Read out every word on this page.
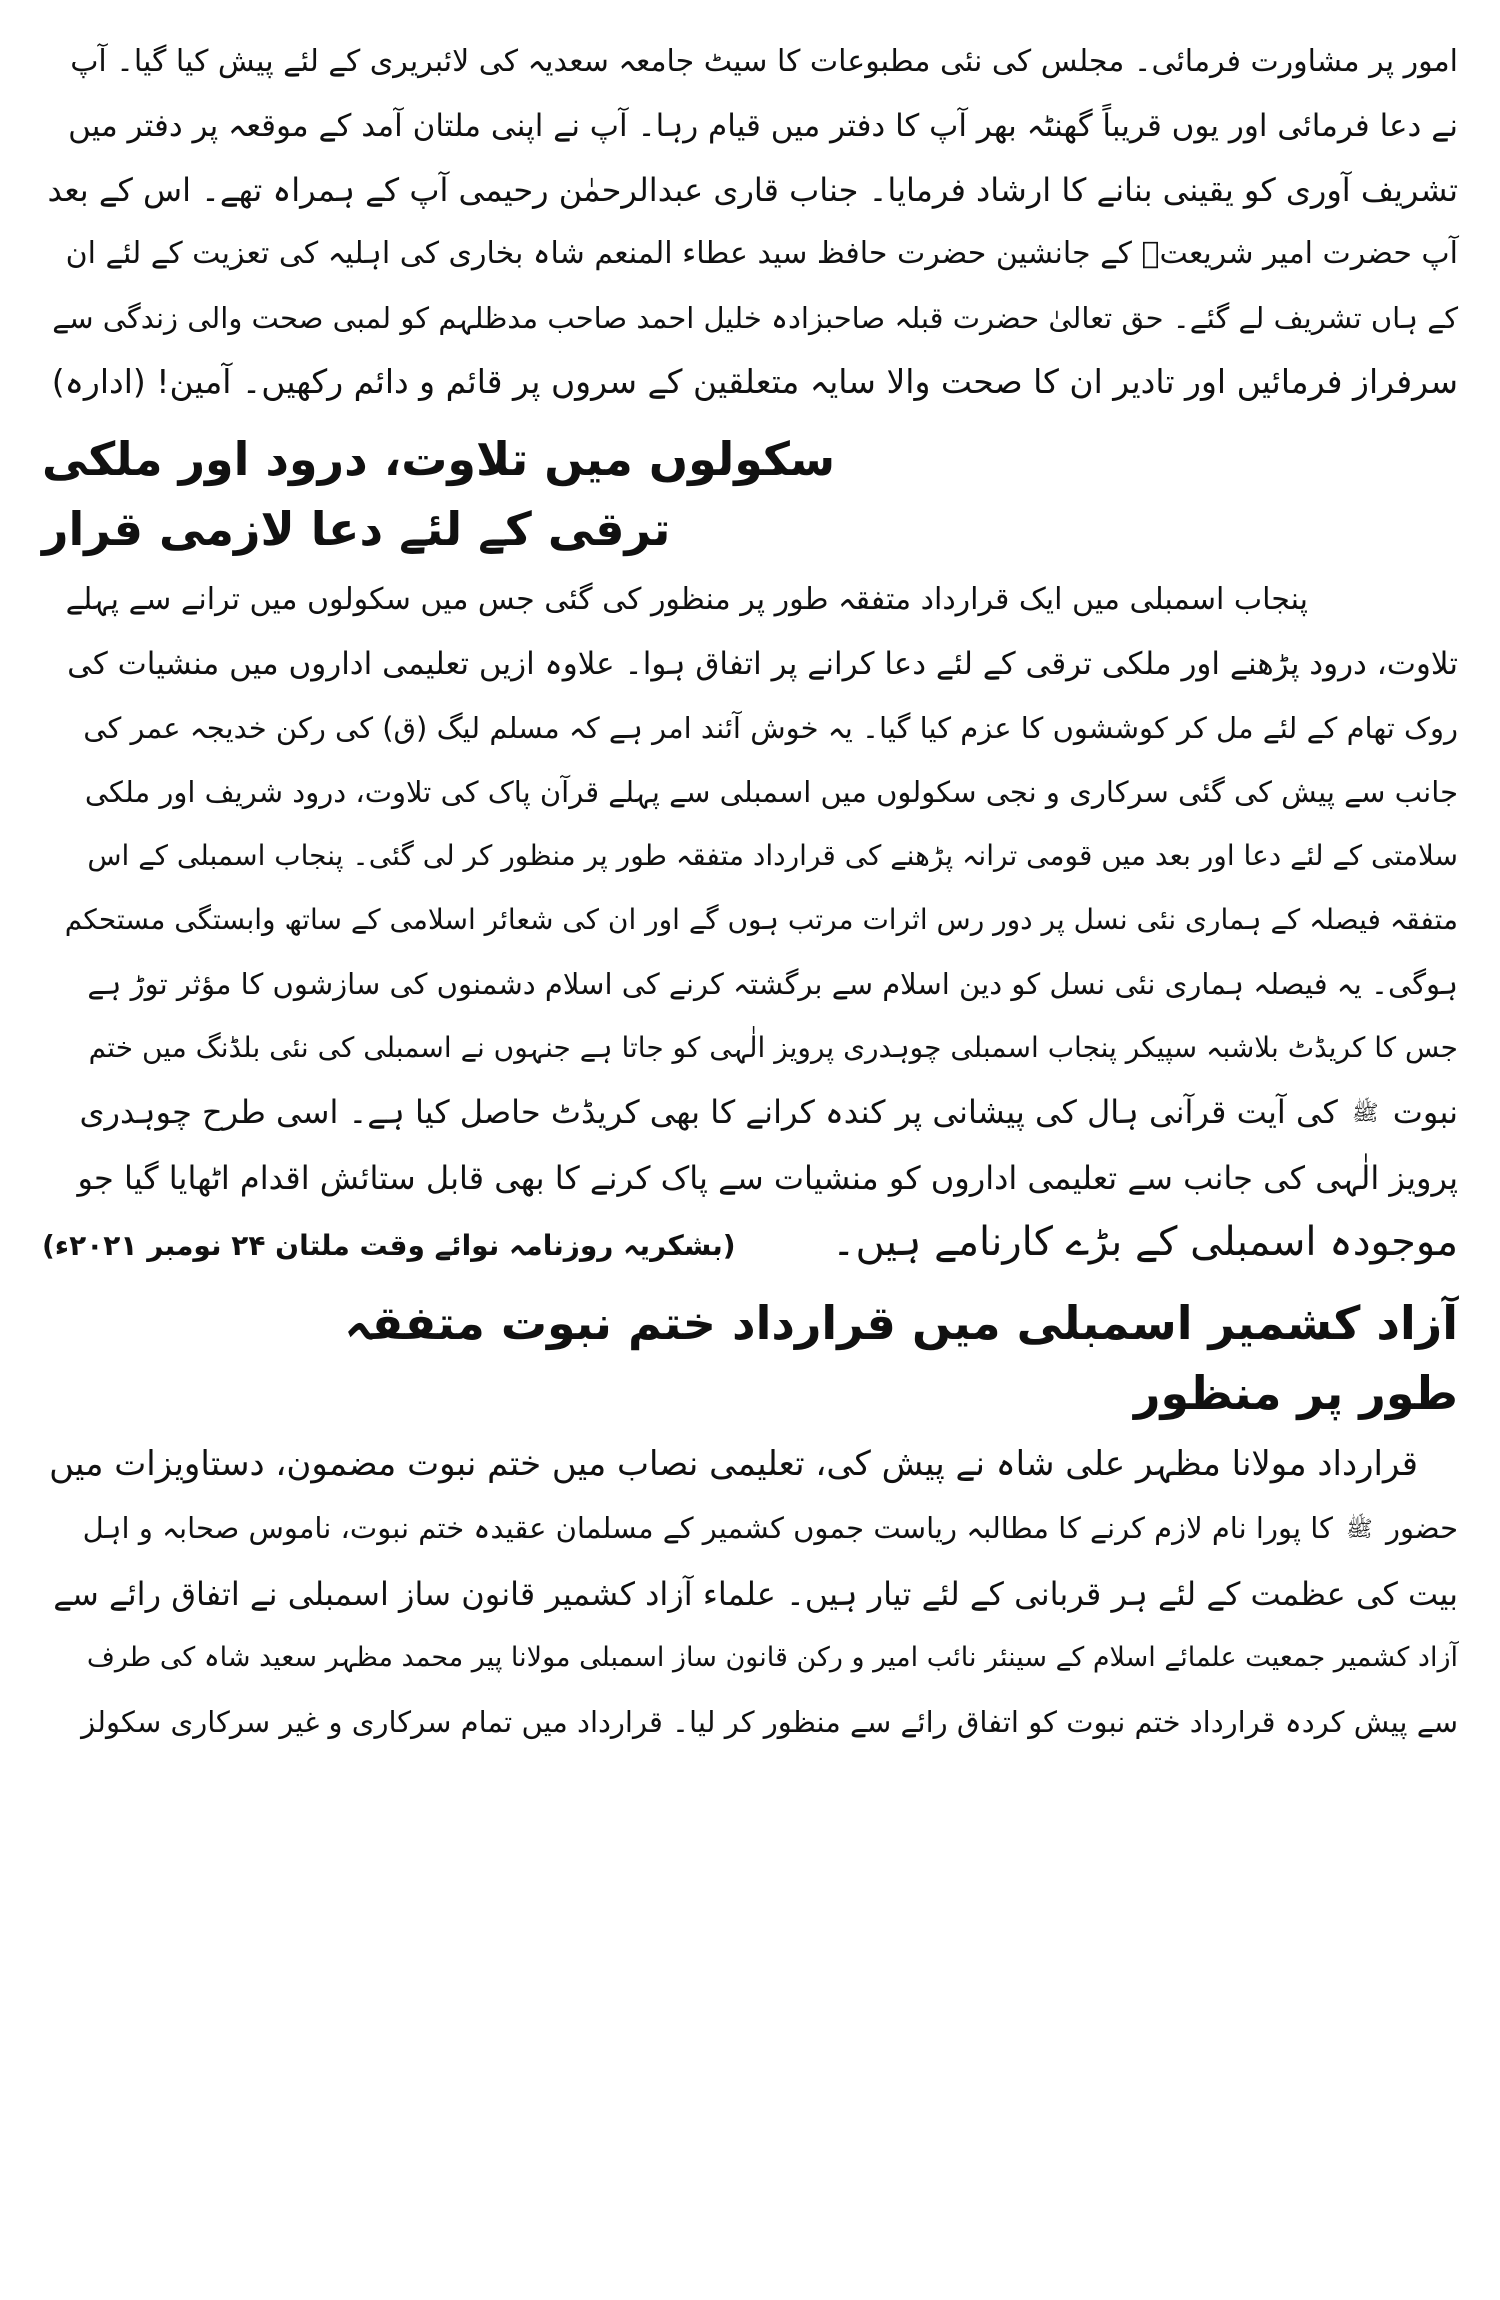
امور پر مشاورت فرمائی۔ مجلس کی نئی مطبوعات کا سیٹ جامعہ سعدیہ کی لائبریری کے لئے پیش کیا گیا۔ آپ
نے دعا فرمائی اور یوں قریباً گھنٹہ بھر آپ کا دفتر میں قیام رہا۔ آپ نے اپنی ملتان آمد کے موقعہ پر دفتر میں
تشریف آوری کو یقینی بنانے کا ارشاد فرمایا۔ جناب قاری عبدالرحمٰن رحیمی آپ کے ہمراہ تھے۔ اس کے بعد
آپ حضرت امیر شریعتؒ کے جانشین حضرت حافظ سید عطاء المنعم شاہ بخاری کی اہلیہ کی تعزیت کے لئے ان
کے ہاں تشریف لے گئے۔ حق تعالیٰ حضرت قبلہ صاحبزادہ خلیل احمد صاحب مدظلہم کو لمبی صحت والی زندگی سے
سرفراز فرمائیں اور تادیر ان کا صحت والا سایہ متعلقین کے سروں پر قائم و دائم رکھیں۔ آمین! (ادارہ)
سکولوں میں تلاوت، درود اور ملکی ترقی کے لئے دعا لازمی قرار
پنجاب اسمبلی میں ایک قرارداد متفقہ طور پر منظور کی گئی جس میں سکولوں میں ترانے سے پہلے
تلاوت، درود پڑھنے اور ملکی ترقی کے لئے دعا کرانے پر اتفاق ہوا۔ علاوہ ازیں تعلیمی اداروں میں منشیات کی
روک تھام کے لئے مل کر کوششوں کا عزم کیا گیا۔ یہ خوش آئند امر ہے کہ مسلم لیگ (ق) کی رکن خدیجہ عمر کی
جانب سے پیش کی گئی سرکاری و نجی سکولوں میں اسمبلی سے پہلے قرآن پاک کی تلاوت، درود شریف اور ملکی
سلامتی کے لئے دعا اور بعد میں قومی ترانہ پڑھنے کی قرارداد متفقہ طور پر منظور کر لی گئی۔ پنجاب اسمبلی کے اس
متفقہ فیصلہ کے ہماری نئی نسل پر دور رس اثرات مرتب ہوں گے اور ان کی شعائر اسلامی کے ساتھ وابستگی مستحکم
ہوگی۔ یہ فیصلہ ہماری نئی نسل کو دین اسلام سے برگشتہ کرنے کی اسلام دشمنوں کی سازشوں کا مؤثر توڑ ہے
جس کا کریڈٹ بلاشبہ سپیکر پنجاب اسمبلی چوہدری پرویز الٰہی کو جاتا ہے جنہوں نے اسمبلی کی نئی بلڈنگ میں ختم
نبوت ﷺ کی آیت قرآنی ہال کی پیشانی پر کندہ کرانے کا بھی کریڈٹ حاصل کیا ہے۔ اسی طرح چوہدری
پرویز الٰہی کی جانب سے تعلیمی اداروں کو منشیات سے پاک کرنے کا بھی قابل ستائش اقدام اٹھایا گیا جو
موجودہ اسمبلی کے بڑے کارنامے ہیں۔
(بشکریہ روزنامہ نوائے وقت ملتان ۲۴ نومبر ۲۰۲۱ء)
آزاد کشمیر اسمبلی میں قرارداد ختم نبوت متفقہ طور پر منظور
قرارداد مولانا مظہر علی شاہ نے پیش کی، تعلیمی نصاب میں ختم نبوت مضمون، دستاویزات میں
حضور ﷺ کا پورا نام لازم کرنے کا مطالبہ ریاست جموں کشمیر کے مسلمان عقیدہ ختم نبوت، ناموس صحابہ و اہل
بیت کی عظمت کے لئے ہر قربانی کے لئے تیار ہیں۔ علماء آزاد کشمیر قانون ساز اسمبلی نے اتفاق رائے سے
آزاد کشمیر جمعیت علمائے اسلام کے سینئر نائب امیر و رکن قانون ساز اسمبلی مولانا پیر محمد مظہر سعید شاہ کی طرف
سے پیش کردہ قرارداد ختم نبوت کو اتفاق رائے سے منظور کر لیا۔ قرارداد میں تمام سرکاری و غیر سرکاری سکولز
